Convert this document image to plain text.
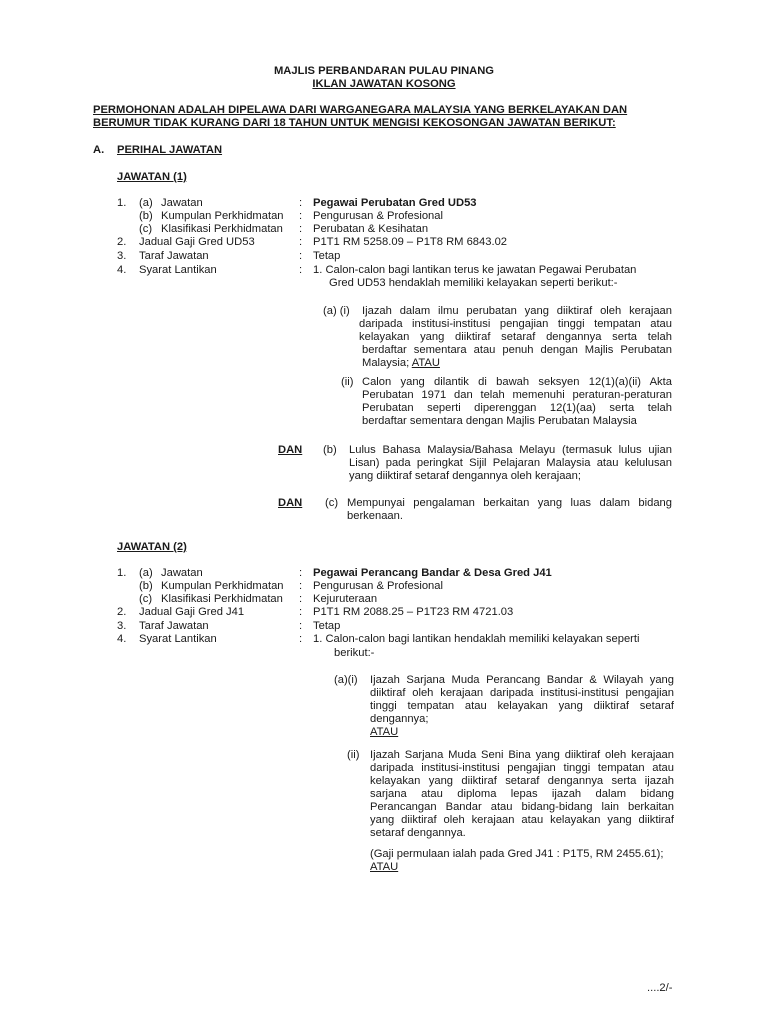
MAJLIS PERBANDARAN PULAU PINANG
IKLAN JAWATAN KOSONG
PERMOHONAN ADALAH DIPELAWA DARI WARGANEGARA MALAYSIA YANG BERKELAYAKAN DAN
BERUMUR TIDAK KURANG DARI 18 TAHUN UNTUK MENGISI KEKOSONGAN JAWATAN BERIKUT:
A. PERIHAL JAWATAN
JAWATAN (1)
1. (a) Jawatan	: Pegawai Perubatan Gred UD53
(b) Kumpulan Perkhidmatan : Pengurusan & Profesional
(c) Klasifikasi Perkhidmatan : Perubatan & Kesihatan
2. Jadual Gaji Gred UD53	: P1T1 RM 5258.09 – P1T8 RM 6843.02
3. Taraf Jawatan	: Tetap
4. Syarat Lantikan	: 1. Calon-calon bagi lantikan terus ke jawatan Pegawai Perubatan
Gred UD53 hendaklah memiliki kelayakan seperti berikut:-
(a) (i) Ijazah dalam ilmu perubatan yang diiktiraf oleh kerajaan
daripada institusi-institusi pengajian tinggi tempatan atau
kelayakan yang diiktiraf setaraf dengannya serta telah
berdaftar sementara atau penuh dengan Majlis Perubatan
Malaysia; ATAU
(ii) Calon yang dilantik di bawah seksyen 12(1)(a)(ii) Akta
Perubatan 1971 dan telah memenuhi peraturan-peraturan
Perubatan seperti diperenggan 12(1)(aa) serta telah
berdaftar sementara dengan Majlis Perubatan Malaysia
DAN (b) Lulus Bahasa Malaysia/Bahasa Melayu (termasuk lulus ujian
Lisan) pada peringkat Sijil Pelajaran Malaysia atau kelulusan
yang diiktiraf setaraf dengannya oleh kerajaan;
DAN (c) Mempunyai pengalaman berkaitan yang luas dalam bidang
berkenaan.
JAWATAN (2)
1. (a) Jawatan	: Pegawai Perancang Bandar & Desa Gred J41
(b) Kumpulan Perkhidmatan : Pengurusan & Profesional
(c) Klasifikasi Perkhidmatan : Kejuruteraan
2. Jadual Gaji Gred J41	: P1T1 RM 2088.25 – P1T23 RM 4721.03
3. Taraf Jawatan	: Tetap
4. Syarat Lantikan	: 1. Calon-calon bagi lantikan hendaklah memiliki kelayakan seperti
berikut:-
(a)(i) Ijazah Sarjana Muda Perancang Bandar & Wilayah yang
diiktiraf oleh kerajaan daripada institusi-institusi pengajian
tinggi tempatan atau kelayakan yang diiktiraf setaraf
dengannya;
ATAU
(ii) Ijazah Sarjana Muda Seni Bina yang diiktiraf oleh kerajaan
daripada institusi-institusi pengajian tinggi tempatan atau
kelayakan yang diiktiraf setaraf dengannya serta ijazah
sarjana atau diploma lepas ijazah dalam bidang
Perancangan Bandar atau bidang-bidang lain berkaitan
yang diiktiraf oleh kerajaan atau kelayakan yang diiktiraf
setaraf dengannya.
(Gaji permulaan ialah pada Gred J41 : P1T5, RM 2455.61);
ATAU
....2/-
